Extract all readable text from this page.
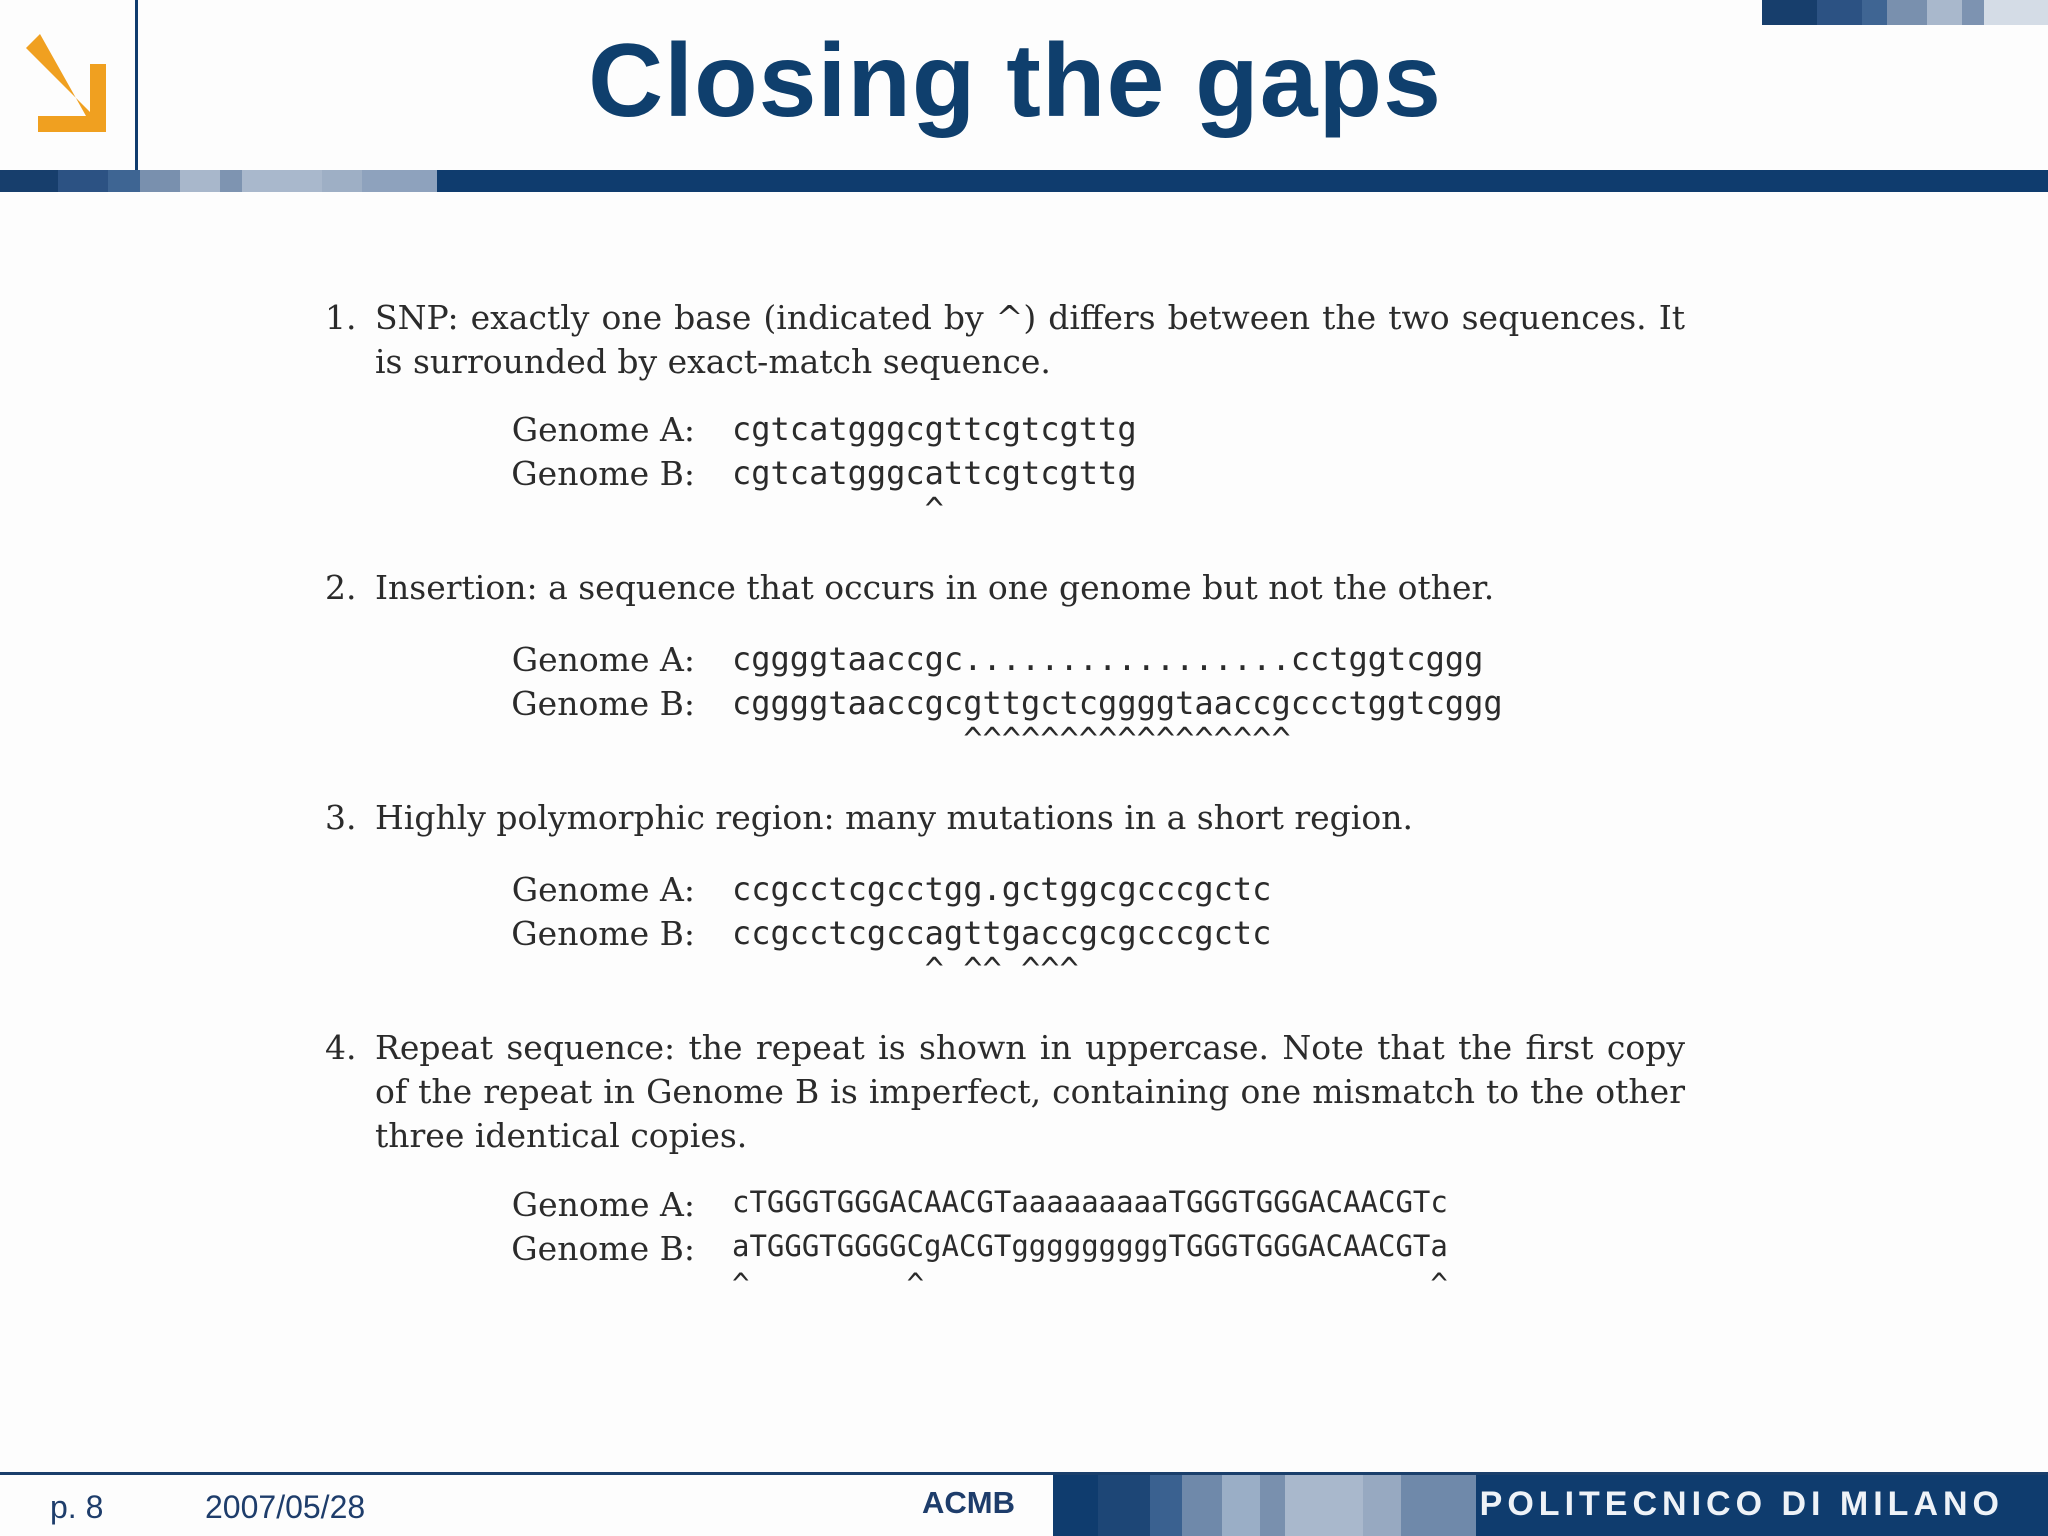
Closing the gaps
1. SNP: exactly one base (indicated by ^) differs between the two sequences. It is surrounded by exact-match sequence.
Genome A: cgtcatgggcgttcgtcgttg
Genome B: cgtcatgggcattcgtcgttg
^
2. Insertion: a sequence that occurs in one genome but not the other.
Genome A: cggggtaaccgc.................cctggtcggg
Genome B: cggggtaaccgcgttgctcggggtaaccgccctggtcggg
^^^^^^^^^^^^^^^^^
3. Highly polymorphic region: many mutations in a short region.
Genome A: ccgcctcgcctgg.gctggcgcccgctc
Genome B: ccgcctcgccagttgaccgcgcccgctc
^ ^^ ^^^
4. Repeat sequence: the repeat is shown in uppercase. Note that the first copy of the repeat in Genome B is imperfect, containing one mismatch to the other three identical copies.
Genome A: cTGGGTGGGACAACGTaaaaaaaaaTGGGTGGGACAACGTc
Genome B: aTGGGTGGGGCgACGTgggggggggTGGGTGGGACAACGTa
^         ^                             ^
p. 8	2007/05/28	ACMB	POLITECNICO DI MILANO
